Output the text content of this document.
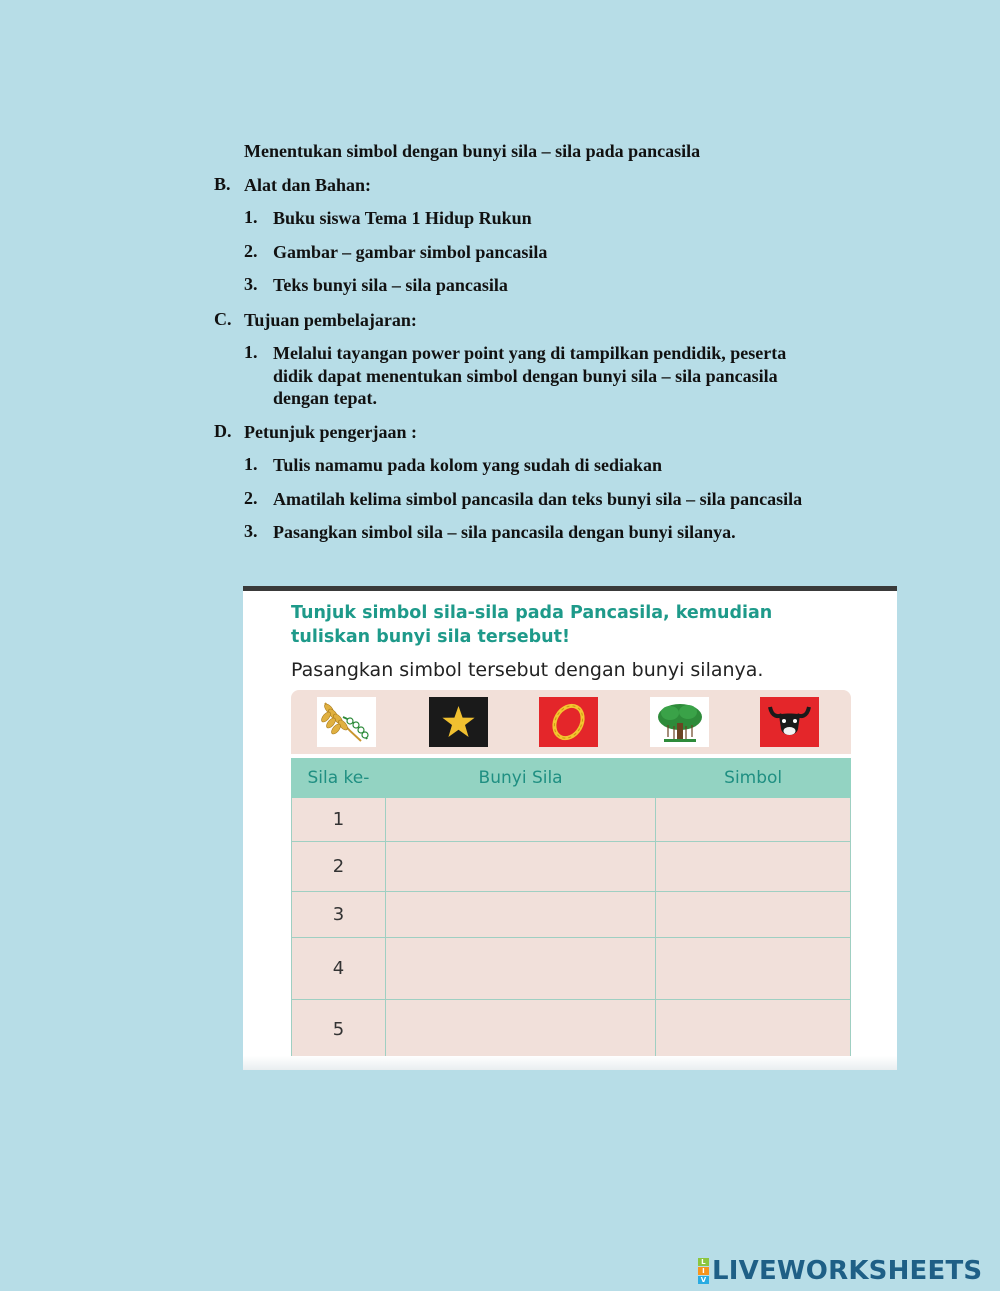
Menentukan simbol dengan bunyi sila – sila pada pancasila
B. Alat dan Bahan:
1. Buku siswa Tema 1 Hidup Rukun
2. Gambar – gambar simbol pancasila
3. Teks bunyi sila – sila pancasila
C. Tujuan pembelajaran:
1. Melalui tayangan power point yang di tampilkan pendidik, peserta
didik dapat menentukan simbol dengan bunyi sila – sila pancasila
dengan tepat.
D. Petunjuk pengerjaan :
1. Tulis namamu pada kolom yang sudah di sediakan
2. Amatilah kelima simbol pancasila dan teks bunyi sila – sila pancasila
3. Pasangkan simbol sila – sila pancasila dengan bunyi silanya.
Tunjuk simbol sila-sila pada Pancasila, kemudian
tuliskan bunyi sila tersebut!
Pasangkan simbol tersebut dengan bunyi silanya.
Sila ke-	Bunyi Sila	Simbol
1		
2		
3		
4		
5		
L
I
V LIVEWORKSHEETS
